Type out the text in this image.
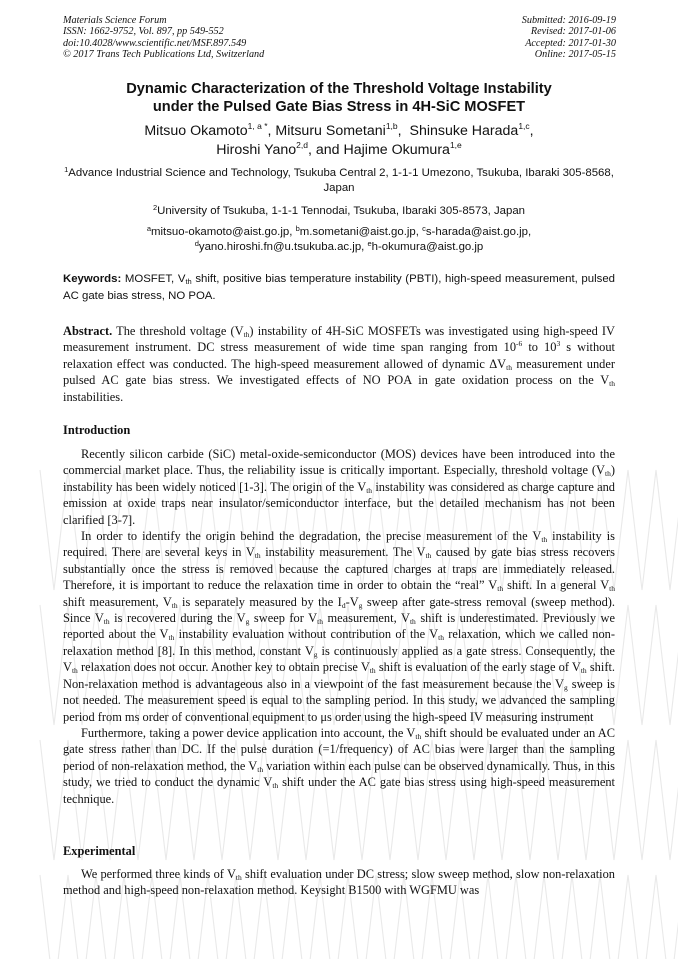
Materials Science Forum
ISSN: 1662-9752, Vol. 897, pp 549-552
doi:10.4028/www.scientific.net/MSF.897.549
© 2017 Trans Tech Publications Ltd, Switzerland
Submitted: 2016-09-19
Revised: 2017-01-06
Accepted: 2017-01-30
Online: 2017-05-15
Dynamic Characterization of the Threshold Voltage Instability
under the Pulsed Gate Bias Stress in 4H-SiC MOSFET
Mitsuo Okamoto$^{1, a *}$, Mitsuru Sometani$^{1,b}$, Shinsuke Harada$^{1,c}$,
Hiroshi Yano$^{2,d}$, and Hajime Okumura$^{1,e}$
$^1$Advance Industrial Science and Technology, Tsukuba Central 2, 1-1-1 Umezono, Tsukuba, Ibaraki 305-8568, Japan
$^2$University of Tsukuba, 1-1-1 Tennodai, Tsukuba, Ibaraki 305-8573, Japan
$^a$mitsuo-okamoto@aist.go.jp, $^b$m.sometani@aist.go.jp, $^c$s-harada@aist.go.jp,
$^d$yano.hiroshi.fn@u.tsukuba.ac.jp, $^e$h-okumura@aist.go.jp
Keywords: MOSFET, $V_{th}$ shift, positive bias temperature instability (PBTI), high-speed measurement, pulsed AC gate bias stress, NO POA.

Abstract. The threshold voltage $(V_{th})$ instability of 4H-SiC MOSFETs was investigated using high-speed IV measurement instrument. DC stress measurement of wide time span ranging from $10^{-6}$ to $10^3$ s without relaxation effect was conducted. The high-speed measurement allowed of dynamic $\Delta V_{th}$ measurement under pulsed AC gate bias stress. We investigated effects of NO POA in gate oxidation process on the $V_{th}$ instabilities.

Introduction

Recently silicon carbide (SiC) metal-oxide-semiconductor (MOS) devices have been introduced into the commercial market place. Thus, the reliability issue is critically important. Especially, threshold voltage $(V_{th})$ instability has been widely noticed [1-3]. The origin of the $V_{th}$ instability was considered as charge capture and emission at oxide traps near insulator/semiconductor interface, but the detailed mechanism has not been clarified [3-7].

In order to identify the origin behind the degradation, the precise measurement of the $V_{th}$ instability is required. There are several keys in $V_{th}$ instability measurement. The $V_{th}$ caused by gate bias stress recovers substantially once the stress is removed because the captured charges at traps are immediately released. Therefore, it is important to reduce the relaxation time in order to obtain the “real” $V_{th}$ shift. In a general $V_{th}$ shift measurement, $V_{th}$ is separately measured by the $I_d-V_g$ sweep after gate-stress removal (sweep method). Since $V_{th}$ is recovered during the $V_g$ sweep for $V_{th}$ measurement, $V_{th}$ shift is underestimated. Previously we reported about the $V_{th}$ instability evaluation without contribution of the $V_{th}$ relaxation, which we called non-relaxation method [8]. In this method, constant $V_g$ is continuously applied as a gate stress. Consequently, the $V_{th}$ relaxation does not occur. Another key to obtain precise $V_{th}$ shift is evaluation of the early stage of $V_{th}$ shift. Non-relaxation method is advantageous also in a viewpoint of the fast measurement because the $V_g$ sweep is not needed. The measurement speed is equal to the sampling period. In this study, we advanced the sampling period from ms order of conventional equipment to μs order using the high-speed IV measuring instrument

Furthermore, taking a power device application into account, the $V_{th}$ shift should be evaluated under an AC gate stress rather than DC. If the pulse duration (=1/frequency) of AC bias were larger than the sampling period of non-relaxation method, the $V_{th}$ variation within each pulse can be observed dynamically. Thus, in this study, we tried to conduct the dynamic $V_{th}$ shift under the AC gate bias stress using high-speed measurement technique.

Experimental

We performed three kinds of $V_{th}$ shift evaluation under DC stress; slow sweep method, slow non-relaxation method and high-speed non-relaxation method. Keysight B1500 with WGFMU was
